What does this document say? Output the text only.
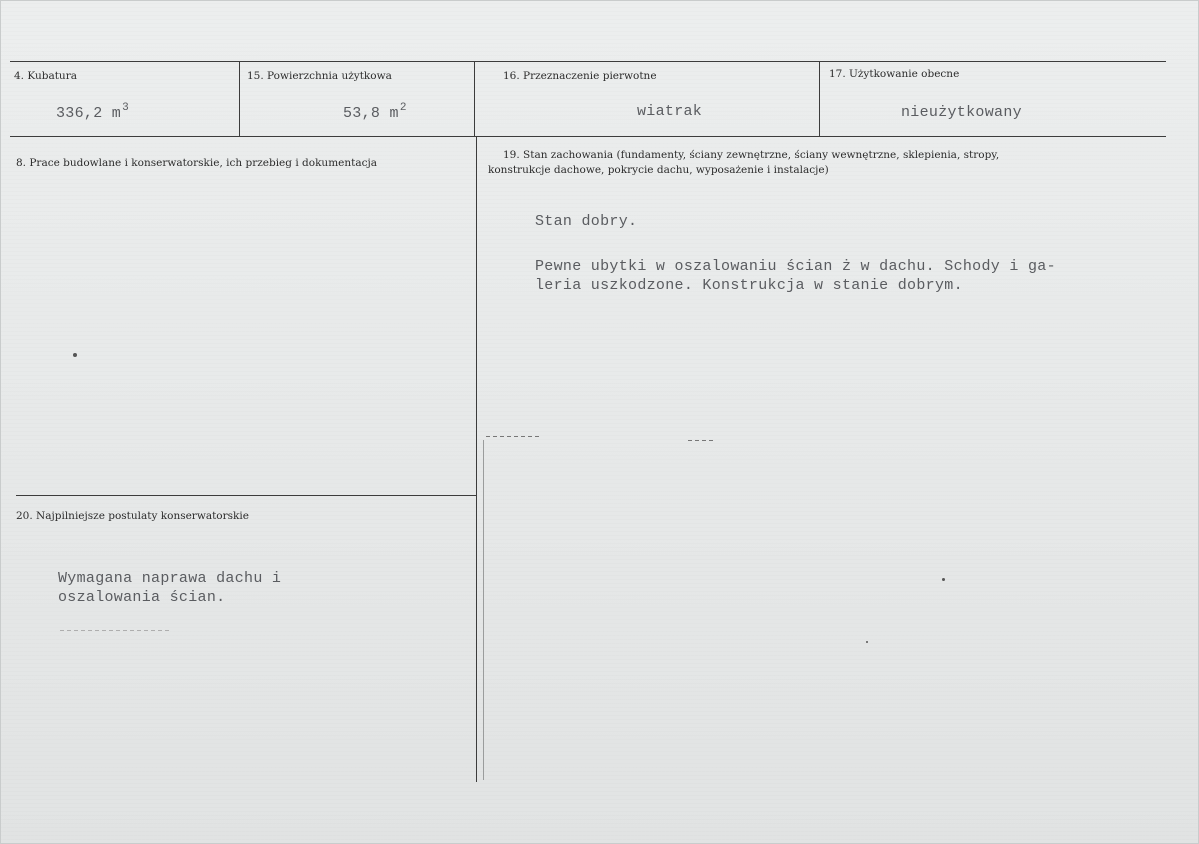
4. Kubatura
336,2 $m^3$
15. Powierzchnia użytkowa
53,8 $m^2$
16. Przeznaczenie pierwotne
wiatrak
17. Użytkowanie obecne
nieużytkowany
8. Prace budowlane i konserwatorskie, ich przebieg i dokumentacja
19. Stan zachowania (fundamenty, ściany zewnętrzne, ściany wewnętrzne, sklepienia, stropy,
konstrukcje dachowe, pokrycie dachu, wyposażenie i instalacje)
Stan dobry.
Pewne ubytki w oszalowaniu ścian ż w dachu. Schody i ga-
leria uszkodzone. Konstrukcja w stanie dobrym.
20. Najpilniejsze postulaty konserwatorskie
Wymagana naprawa dachu i
oszalowania ścian.
